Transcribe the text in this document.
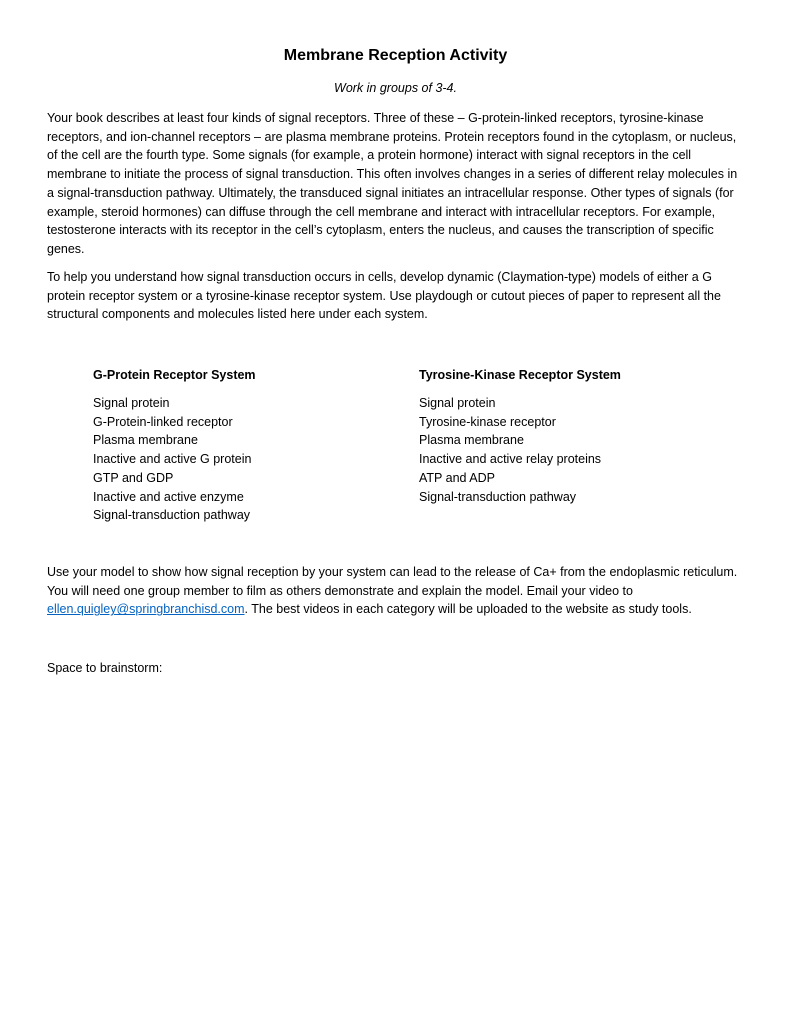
Membrane Reception Activity
Work in groups of 3-4.

Your book describes at least four kinds of signal receptors. Three of these – G-protein-linked receptors, tyrosine-kinase receptors, and ion-channel receptors – are plasma membrane proteins. Protein receptors found in the cytoplasm, or nucleus, of the cell are the fourth type. Some signals (for example, a protein hormone) interact with signal receptors in the cell membrane to initiate the process of signal transduction. This often involves changes in a series of different relay molecules in a signal-transduction pathway. Ultimately, the transduced signal initiates an intracellular response. Other types of signals (for example, steroid hormones) can diffuse through the cell membrane and interact with intracellular receptors. For example, testosterone interacts with its receptor in the cell’s cytoplasm, enters the nucleus, and causes the transcription of specific genes.

To help you understand how signal transduction occurs in cells, develop dynamic (Claymation-type) models of either a G protein receptor system or a tyrosine-kinase receptor system. Use playdough or cutout pieces of paper to represent all the structural components and molecules listed here under each system.

G-Protein Receptor System
Signal protein
G-Protein-linked receptor
Plasma membrane
Inactive and active G protein
GTP and GDP
Inactive and active enzyme
Signal-transduction pathway
Tyrosine-Kinase Receptor System
Signal protein
Tyrosine-kinase receptor
Plasma membrane
Inactive and active relay proteins
ATP and ADP
Signal-transduction pathway

Use your model to show how signal reception by your system can lead to the release of Ca+ from the endoplasmic reticulum. You will need one group member to film as others demonstrate and explain the model. Email your video to ellen.quigley@springbranchisd.com. The best videos in each category will be uploaded to the website as study tools.

Space to brainstorm:
